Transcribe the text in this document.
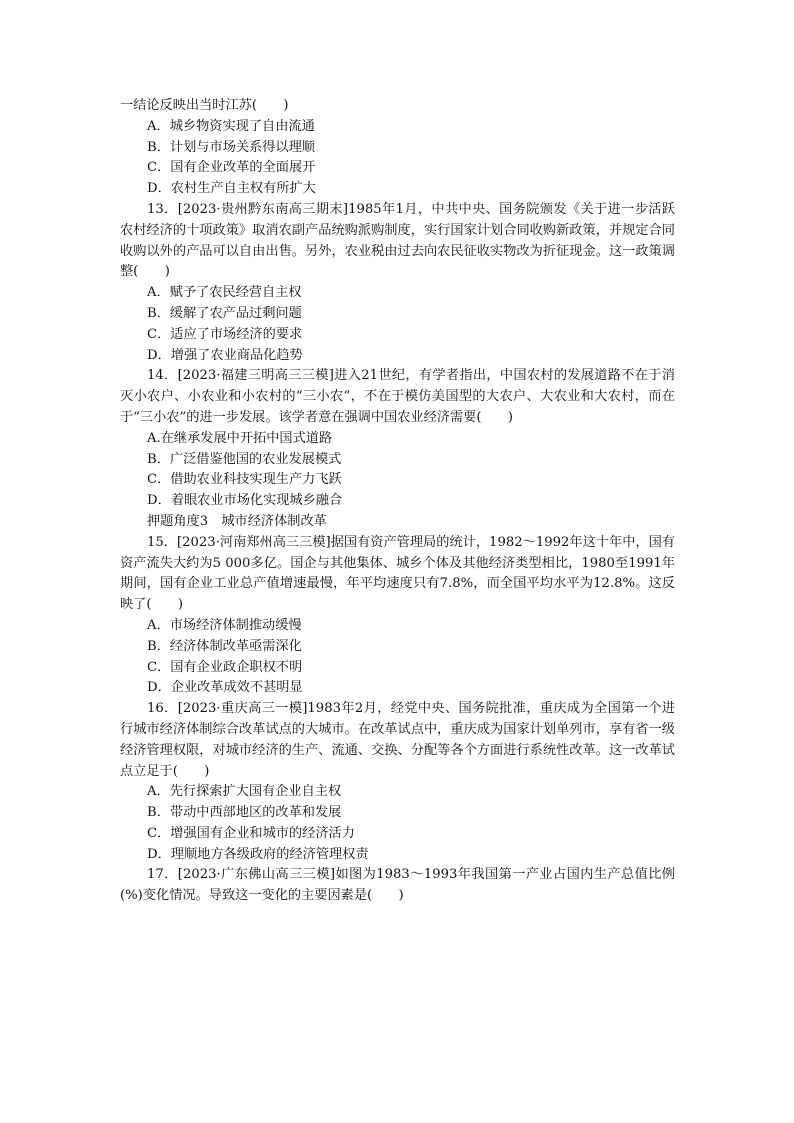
一结论反映出当时江苏(　　)

A．城乡物资实现了自由流通

B．计划与市场关系得以理顺

C．国有企业改革的全面展开

D．农村生产自主权有所扩大

13．[2023·贵州黔东南高三期末]1985年1月，中共中央、国务院颁发《关于进一步活跃农村经济的十项政策》取消农副产品统购派购制度，实行国家计划合同收购新政策，并规定合同收购以外的产品可以自由出售。另外，农业税由过去向农民征收实物改为折征现金。这一政策调整(　　)

A．赋予了农民经营自主权

B．缓解了农产品过剩问题

C．适应了市场经济的要求

D．增强了农业商品化趋势

14．[2023·福建三明高三三模]进入21世纪，有学者指出，中国农村的发展道路不在于消灭小农户、小农业和小农村的“三小农”，不在于模仿美国型的大农户、大农业和大农村，而在于“三小农”的进一步发展。该学者意在强调中国农业经济需要(　　)

A.在继承发展中开拓中国式道路

B．广泛借鉴他国的农业发展模式

C．借助农业科技实现生产力飞跃

D．着眼农业市场化实现城乡融合

押题角度3　城市经济体制改革

15．[2023·河南郑州高三三模]据国有资产管理局的统计，1982～1992年这十年中，国有资产流失大约为5 000多亿。国企与其他集体、城乡个体及其他经济类型相比，1980至1991年期间，国有企业工业总产值增速最慢，年平均速度只有7.8%，而全国平均水平为12.8%。这反映了(　　)

A．市场经济体制推动缓慢

B．经济体制改革亟需深化

C．国有企业政企职权不明

D．企业改革成效不甚明显

16．[2023·重庆高三一模]1983年2月，经党中央、国务院批准，重庆成为全国第一个进行城市经济体制综合改革试点的大城市。在改革试点中，重庆成为国家计划单列市，享有省一级经济管理权限，对城市经济的生产、流通、交换、分配等各个方面进行系统性改革。这一改革试点立足于(　　)

A．先行探索扩大国有企业自主权

B．带动中西部地区的改革和发展

C．增强国有企业和城市的经济活力

D．理顺地方各级政府的经济管理权责

17．[2023·广东佛山高三三模]如图为1983～1993年我国第一产业占国内生产总值比例(%)变化情况。导致这一变化的主要因素是(　　)
